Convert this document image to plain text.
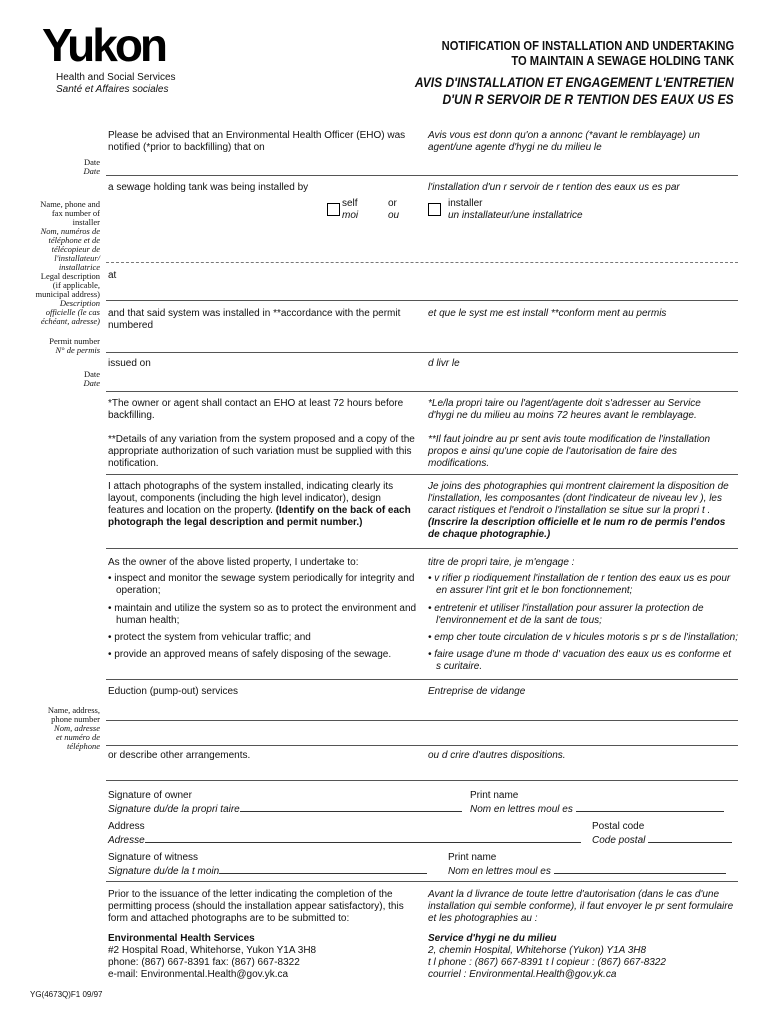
Yukon
Health and Social Services
Santé et Affaires sociales
NOTIFICATION OF INSTALLATION AND UNDERTAKING
TO MAINTAIN A SEWAGE HOLDING TANK
AVIS D'INSTALLATION ET ENGAGEMENT L'ENTRETIEN
D'UN R SERVOIR DE R TENTION DES EAUX US ES
Please be advised that an Environmental Health Officer (EHO) was
notified (*prior to backfilling) that on
Avis vous est donn qu'on a annonc (*avant le remblayage) un
agent/une agente d'hygi ne du milieu le
Date
Date
a sewage holding tank was being installed by	l'installation d'un r servoir de r tention des eaux us es par
self
moi
or
ou
installer
un installateur/une installatrice
Name, phone and
fax number of
installer
Nom, numéros de
téléphone et de
télécopieur de
l'installateur/
installatrice
Legal description
(if applicable,
municipal address)
Description
officielle (le cas
échéant, adresse)
at
and that said system was installed in **accordance with the permit
numbered
et que le syst me est install **conform ment au permis
Permit number
N° de permis
issued on	d livr le
Date
Date
*The owner or agent shall contact an EHO at least 72 hours before
backfilling.
*Le/la propri taire ou l'agent/agente doit s'adresser au Service
d'hygi ne du milieu au moins 72 heures avant le remblayage.
**Details of any variation from the system proposed and a copy of the
appropriate authorization of such variation must be supplied with this
notification.
**Il faut joindre au pr sent avis toute modification de l'installation
propos e ainsi qu'une copie de l'autorisation de faire des
modifications.
I attach photographs of the system installed, indicating clearly its
layout, components (including the high level indicator), design
features and location on the property. (Identify on the back of each
photograph the legal description and permit number.)
Je joins des photographies qui montrent clairement la disposition de
l'installation, les composantes (dont l'indicateur de niveau lev ), les
caract ristiques et l'endroit o l'installation se situe sur la propri t .
(Inscrire la description officielle et le num ro de permis l'endos
de chaque photographie.)
As the owner of the above listed property, I undertake to:	titre de propri taire, je m'engage :
• inspect and monitor the sewage system periodically for integrity and
operation;
• v rifier p riodiquement l'installation de r tention des eaux us es pour
en assurer l'int grit et le bon fonctionnement;
• maintain and utilize the system so as to protect the environment and
human health;
• entretenir et utiliser l'installation pour assurer la protection de
l'environnement et de la sant de tous;
• protect the system from vehicular traffic; and	• emp cher toute circulation de v hicules motoris s pr s de l'installation;
• provide an approved means of safely disposing of the sewage.	• faire usage d'une m thode d' vacuation des eaux us es conforme et
s curitaire.
Eduction (pump-out) services	Entreprise de vidange
Name, address,
phone number
Nom, adresse
et numéro de
téléphone
or describe other arrangements.	ou d crire d'autres dispositions.
Signature of owner
Signature du/de la propri taire
Print name
Nom en lettres moul es
Address
Adresse
Postal code
Code postal
Signature of witness
Signature du/de la t moin
Print name
Nom en lettres moul es
Prior to the issuance of the letter indicating the completion of the
permitting process (should the installation appear satisfactory), this
form and attached photographs are to be submitted to:
Avant la d livrance de toute lettre d'autorisation (dans le cas d'une
installation qui semble conforme), il faut envoyer le pr sent formulaire
et les photographies au :
Environmental Health Services
#2 Hospital Road, Whitehorse, Yukon Y1A 3H8
phone: (867) 667-8391 fax: (867) 667-8322
e-mail: Environmental.Health@gov.yk.ca
Service d'hygi ne du milieu
2, chemin Hospital, Whitehorse (Yukon) Y1A 3H8
t l phone : (867) 667-8391 t l copieur : (867) 667-8322
courriel : Environmental.Health@gov.yk.ca
YG(4673Q)F1 09/97
